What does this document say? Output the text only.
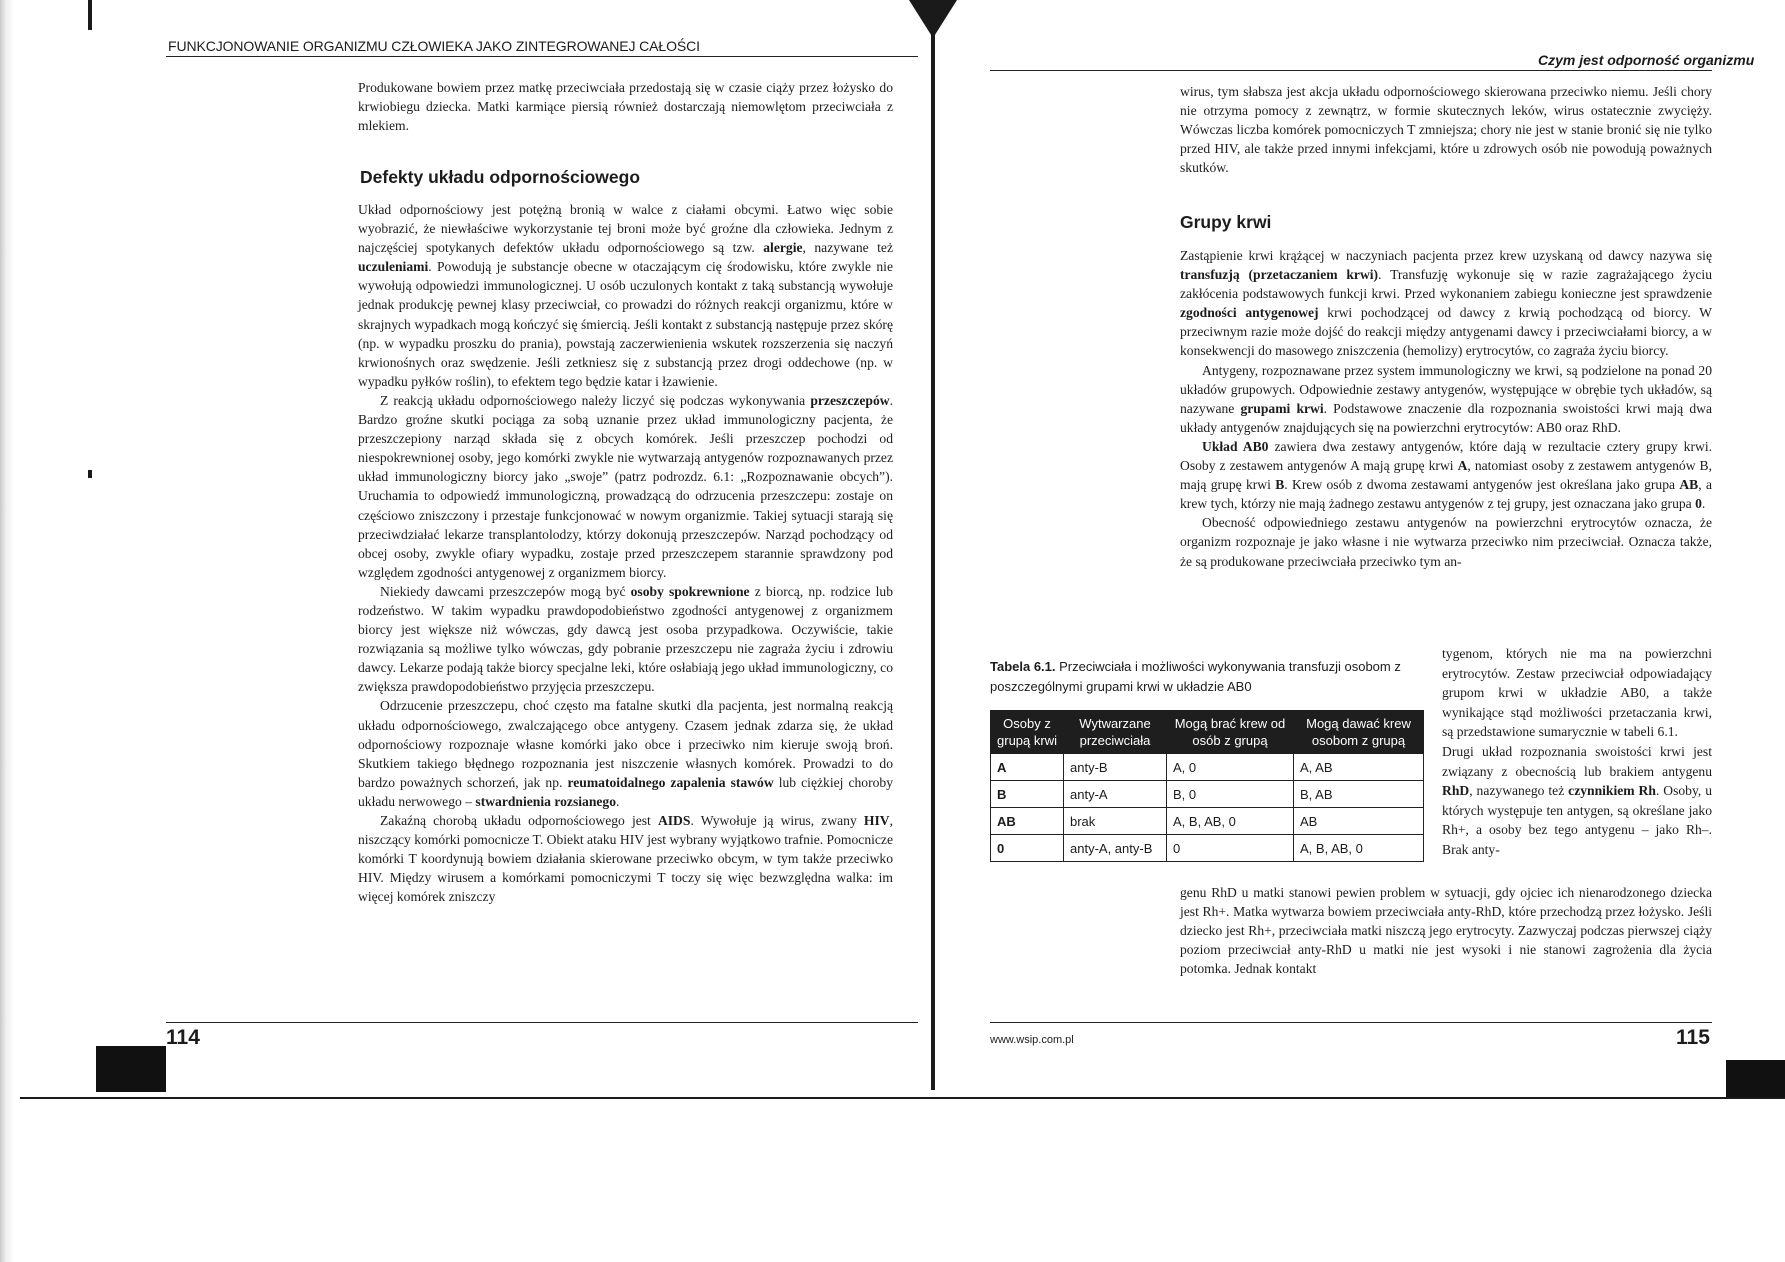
FUNKCJONOWANIE ORGANIZMU CZŁOWIEKA JAKO ZINTEGROWANEJ CAŁOŚCI

Produkowane bowiem przez matkę przeciwciała przedostają się w czasie ciąży przez łożysko do krwiobiegu dziecka. Matki karmiące piersią również dostarczają niemowlętom przeciwciała z mlekiem.

Defekty układu odpornościowego

Układ odpornościowy jest potężną bronią w walce z ciałami obcymi. Łatwo więc sobie wyobrazić, że niewłaściwe wykorzystanie tej broni może być groźne dla człowieka. Jednym z najczęściej spotykanych defektów układu odpornościowego są tzw. alergie, nazywane też uczuleniami. Powodują je substancje obecne w otaczającym cię środowisku, które zwykle nie wywołują odpowiedzi immunologicznej. U osób uczulonych kontakt z taką substancją wywołuje jednak produkcję pewnej klasy przeciwciał, co prowadzi do różnych reakcji organizmu, które w skrajnych wypadkach mogą kończyć się śmiercią. Jeśli kontakt z substancją następuje przez skórę (np. w wypadku proszku do prania), powstają zaczerwienienia wskutek rozszerzenia się naczyń krwionośnych oraz swędzenie. Jeśli zetkniesz się z substancją przez drogi oddechowe (np. w wypadku pyłków roślin), to efektem tego będzie katar i łzawienie.

Z reakcją układu odpornościowego należy liczyć się podczas wykonywania przeszczepów. Bardzo groźne skutki pociąga za sobą uznanie przez układ immunologiczny pacjenta, że przeszczepiony narząd składa się z obcych komórek. Jeśli przeszczep pochodzi od niespokrewnionej osoby, jego komórki zwykle nie wytwarzają antygenów rozpoznawanych przez układ immunologiczny biorcy jako „swoje” (patrz podrozdz. 6.1: „Rozpoznawanie obcych”). Uruchamia to odpowiedź immunologiczną, prowadzącą do odrzucenia przeszczepu: zostaje on częściowo zniszczony i przestaje funkcjonować w nowym organizmie. Takiej sytuacji starają się przeciwdziałać lekarze transplantolodzy, którzy dokonują przeszczepów. Narząd pochodzący od obcej osoby, zwykle ofiary wypadku, zostaje przed przeszczepem starannie sprawdzony pod względem zgodności antygenowej z organizmem biorcy.

Niekiedy dawcami przeszczepów mogą być osoby spokrewnione z biorcą, np. rodzice lub rodzeństwo. W takim wypadku prawdopodobieństwo zgodności antygenowej z organizmem biorcy jest większe niż wówczas, gdy dawcą jest osoba przypadkowa. Oczywiście, takie rozwiązania są możliwe tylko wówczas, gdy pobranie przeszczepu nie zagraża życiu i zdrowiu dawcy. Lekarze podają także biorcy specjalne leki, które osłabiają jego układ immunologiczny, co zwiększa prawdopodobieństwo przyjęcia przeszczepu.

Odrzucenie przeszczepu, choć często ma fatalne skutki dla pacjenta, jest normalną reakcją układu odpornościowego, zwalczającego obce antygeny. Czasem jednak zdarza się, że układ odpornościowy rozpoznaje własne komórki jako obce i przeciwko nim kieruje swoją broń. Skutkiem takiego błędnego rozpoznania jest niszczenie własnych komórek. Prowadzi to do bardzo poważnych schorzeń, jak np. reumatoidalnego zapalenia stawów lub ciężkiej choroby układu nerwowego – stwardnienia rozsianego.

Zakaźną chorobą układu odpornościowego jest AIDS. Wywołuje ją wirus, zwany HIV, niszczący komórki pomocnicze T. Obiekt ataku HIV jest wybrany wyjątkowo trafnie. Pomocnicze komórki T koordynują bowiem działania skierowane przeciwko obcym, w tym także przeciwko HIV. Między wirusem a komórkami pomocniczymi T toczy się więc bezwzględna walka: im więcej komórek zniszczy

114
Czym jest odporność organizmu

wirus, tym słabsza jest akcja układu odpornościowego skierowana przeciwko niemu. Jeśli chory nie otrzyma pomocy z zewnątrz, w formie skutecznych leków, wirus ostatecznie zwycięży. Wówczas liczba komórek pomocniczych T zmniejsza; chory nie jest w stanie bronić się nie tylko przed HIV, ale także przed innymi infekcjami, które u zdrowych osób nie powodują poważnych skutków.

Grupy krwi

Zastąpienie krwi krążącej w naczyniach pacjenta przez krew uzyskaną od dawcy nazywa się transfuzją (przetaczaniem krwi). Transfuzję wykonuje się w razie zagrażającego życiu zakłócenia podstawowych funkcji krwi. Przed wykonaniem zabiegu konieczne jest sprawdzenie zgodności antygenowej krwi pochodzącej od dawcy z krwią pochodzącą od biorcy. W przeciwnym razie może dojść do reakcji między antygenami dawcy i przeciwciałami biorcy, a w konsekwencji do masowego zniszczenia (hemolizy) erytrocytów, co zagraża życiu biorcy.

Antygeny, rozpoznawane przez system immunologiczny we krwi, są podzielone na ponad 20 układów grupowych. Odpowiednie zestawy antygenów, występujące w obrębie tych układów, są nazywane grupami krwi. Podstawowe znaczenie dla rozpoznania swoistości krwi mają dwa układy antygenów znajdujących się na powierzchni erytrocytów: AB0 oraz RhD.

Układ AB0 zawiera dwa zestawy antygenów, które dają w rezultacie cztery grupy krwi. Osoby z zestawem antygenów A mają grupę krwi A, natomiast osoby z zestawem antygenów B, mają grupę krwi B. Krew osób z dwoma zestawami antygenów jest określana jako grupa AB, a krew tych, którzy nie mają żadnego zestawu antygenów z tej grupy, jest oznaczana jako grupa 0.

Obecność odpowiedniego zestawu antygenów na powierzchni erytrocytów oznacza, że organizm rozpoznaje je jako własne i nie wytwarza przeciwko nim przeciwciał. Oznacza także, że są produkowane przeciwciała przeciwko tym an-

Tabela 6.1. Przeciwciała i możliwości wykonywania transfuzji osobom z poszczególnymi grupami krwi w układzie AB0
Osoby z grupą krwi	Wytwarzane przeciwciała	Mogą brać krew od osób z grupą	Mogą dawać krew osobom z grupą
A	anty-B	A, 0	A, AB
B	anty-A	B, 0	B, AB
AB	brak	A, B, AB, 0	AB
0	anty-A, anty-B	0	A, B, AB, 0
tygenom, których nie ma na powierzchni erytrocytów. Zestaw przeciwciał odpowiadający grupom krwi w układzie AB0, a także wynikające stąd możliwości przetaczania krwi, są przedstawione sumarycznie w tabeli 6.1.
Drugi układ rozpoznania swoistości krwi jest związany z obecnością lub brakiem antygenu RhD, nazywanego też czynnikiem Rh. Osoby, u których występuje ten antygen, są określane jako Rh+, a osoby bez tego antygenu – jako Rh–. Brak anty-

genu RhD u matki stanowi pewien problem w sytuacji, gdy ojciec ich nienarodzonego dziecka jest Rh+. Matka wytwarza bowiem przeciwciała anty-RhD, które przechodzą przez łożysko. Jeśli dziecko jest Rh+, przeciwciała matki niszczą jego erytrocyty. Zazwyczaj podczas pierwszej ciąży poziom przeciwciał anty-RhD u matki nie jest wysoki i nie stanowi zagrożenia dla życia potomka. Jednak kontakt

www.wsip.com.pl	115
